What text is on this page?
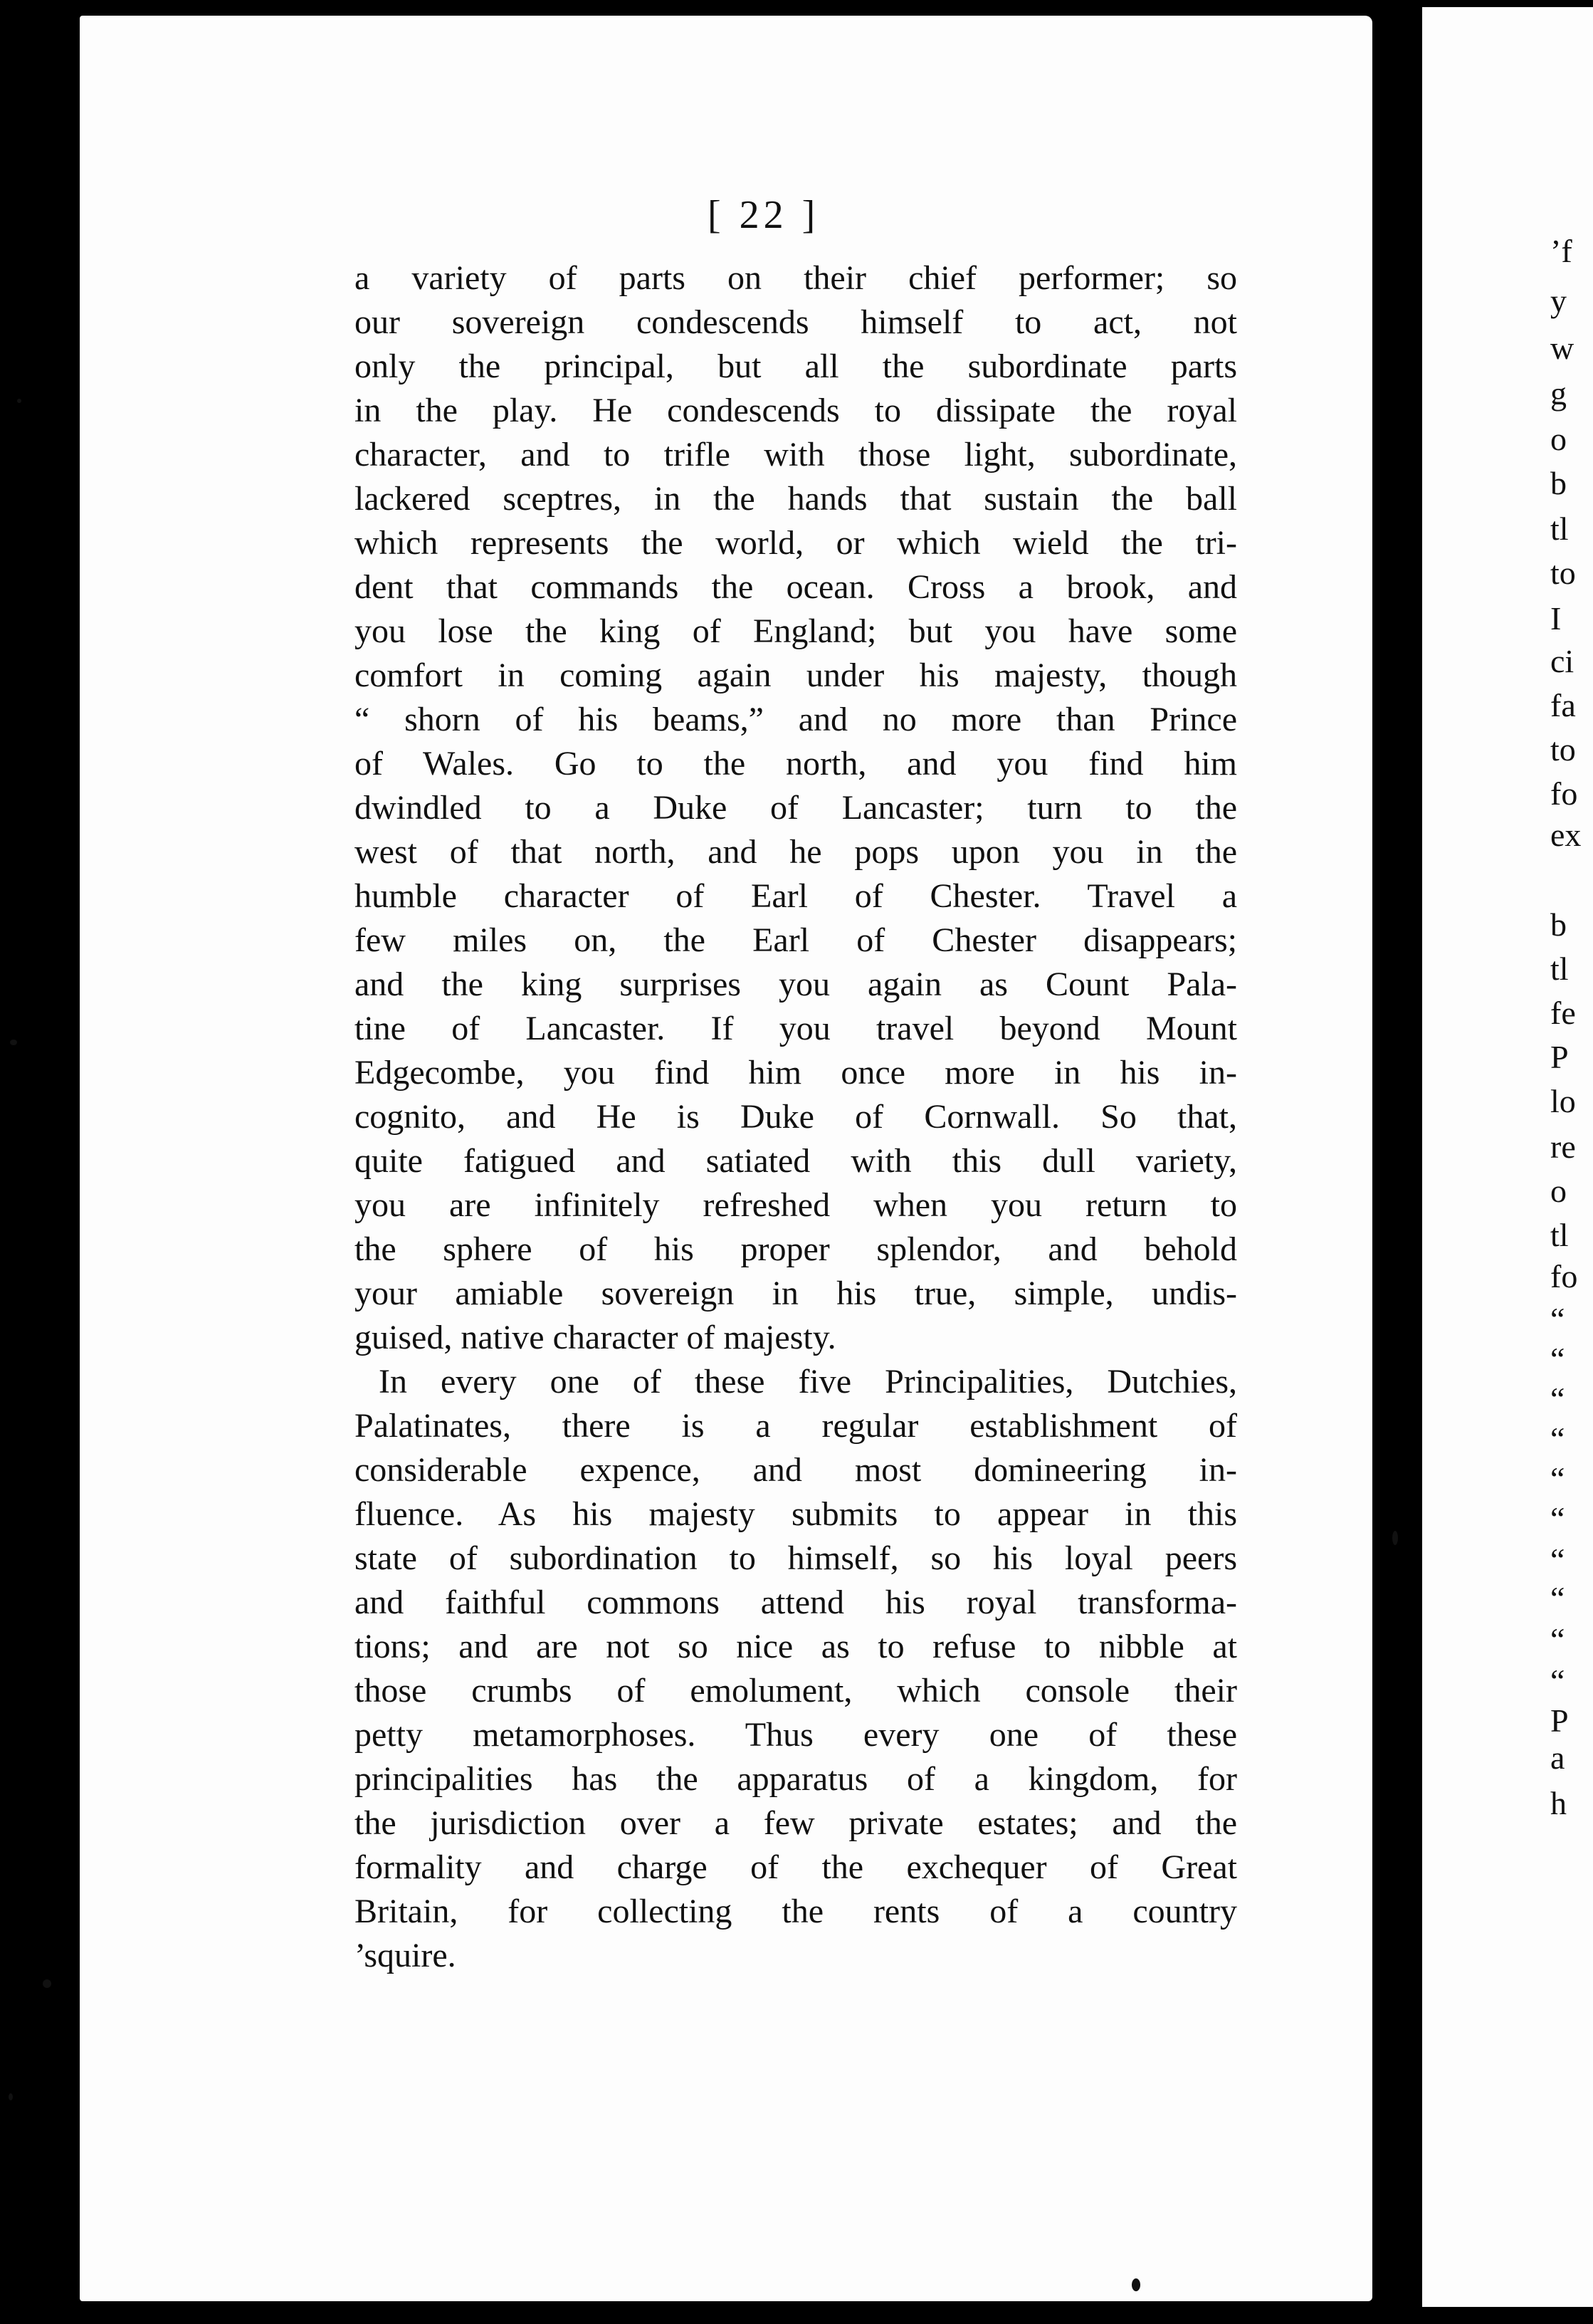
[ 22 ]
a variety of parts on their chief performer; so
our sovereign condescends himself to act, not
only the principal, but all the subordinate parts
in the play. He condescends to dissipate the royal
character, and to trifle with those light, subordinate,
lackered sceptres, in the hands that sustain the ball
which represents the world, or which wield the tri-
dent that commands the ocean. Cross a brook, and
you lose the king of England; but you have some
comfort in coming again under his majesty, though
“ shorn of his beams,” and no more than Prince
of Wales. Go to the north, and you find him
dwindled to a Duke of Lancaster; turn to the
west of that north, and he pops upon you in the
humble character of Earl of Chester. Travel a
few miles on, the Earl of Chester disappears;
and the king surprises you again as Count Pala-
tine of Lancaster. If you travel beyond Mount
Edgecombe, you find him once more in his in-
cognito, and He is Duke of Cornwall. So that,
quite fatigued and satiated with this dull variety,
you are infinitely refreshed when you return to
the sphere of his proper splendor, and behold
your amiable sovereign in his true, simple, undis-
guised, native character of majesty.
In every one of these five Principalities, Dutchies,
Palatinates, there is a regular establishment of
considerable expence, and most domineering in-
fluence. As his majesty submits to appear in this
state of subordination to himself, so his loyal peers
and faithful commons attend his royal transforma-
tions; and are not so nice as to refuse to nibble at
those crumbs of emolument, which console their
petty metamorphoses. Thus every one of these
principalities has the apparatus of a kingdom, for
the jurisdiction over a few private estates; and the
formality and charge of the exchequer of Great
Britain, for collecting the rents of a country
’squire.
’f
y
w
g
o
b
tl
to
I
ci
fa
to
fo
ex
b
tl
fe
P
lo
re
o
tl
fo
“
“
“
“
“
“
“
“
“
“
P
a
h
